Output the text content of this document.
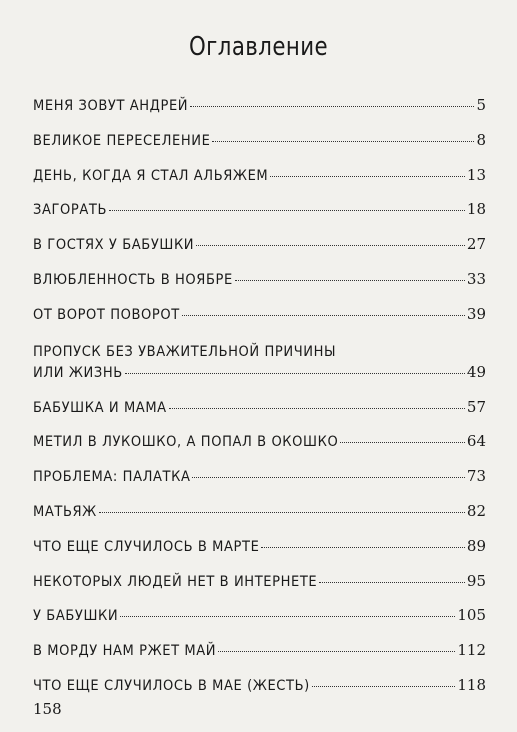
Оглавление
МЕНЯ ЗОВУТ АНДРЕЙ	5
ВЕЛИКОЕ ПЕРЕСЕЛЕНИЕ	8
ДЕНЬ, КОГДА Я СТАЛ АЛЬЯЖЕМ	13
ЗАГОРАТЬ	18
В ГОСТЯХ У БАБУШКИ	27
ВЛЮБЛЕННОСТЬ В НОЯБРЕ	33
ОТ ВОРОТ ПОВОРОТ	39
ПРОПУСК БЕЗ УВАЖИТЕЛЬНОЙ ПРИЧИНЫ
ИЛИ ЖИЗНЬ	49
БАБУШКА И МАМА	57
МЕТИЛ В ЛУКОШКО, А ПОПАЛ В ОКОШКО	64
ПРОБЛЕМА: ПАЛАТКА	73
МАТЬЯЖ	82
ЧТО ЕЩЕ СЛУЧИЛОСЬ В МАРТЕ	89
НЕКОТОРЫХ ЛЮДЕЙ НЕТ В ИНТЕРНЕТЕ	95
У БАБУШКИ	105
В МОРДУ НАМ РЖЕТ МАЙ	112
ЧТО ЕЩЕ СЛУЧИЛОСЬ В МАЕ (ЖЕСТЬ)	118
158
